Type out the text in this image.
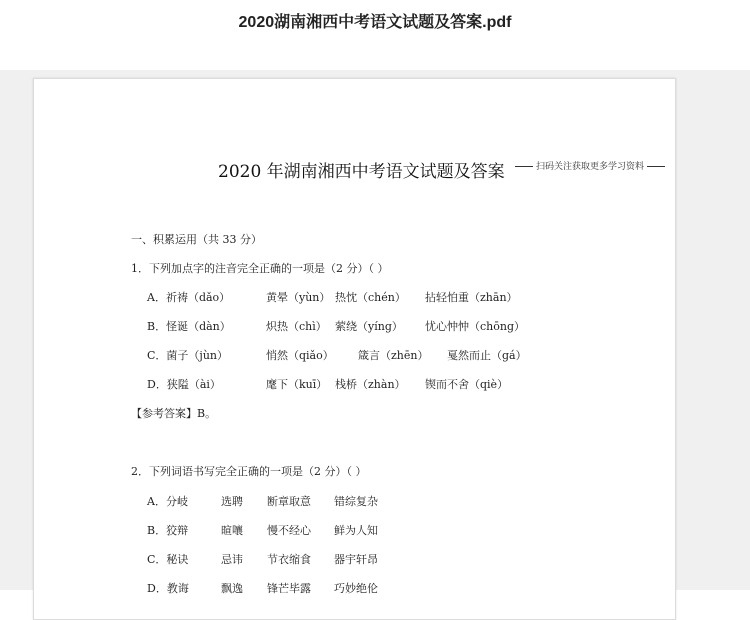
2020湖南湘西中考语文试题及答案.pdf
2020 年湖南湘西中考语文试题及答案	扫码关注获取更多学习资料
一、积累运用（共 33 分）
1．下列加点字的注音完全正确的一项是（2 分）（ ）
A．祈祷（dǎo）	黄晕（yùn） 热忱（chén） 拈轻怕重（zhān）
B．怪诞（dàn）	炽热（chì） 萦绕（yíng） 忧心忡忡（chōng）
C．菌子（jùn）	悄然（qiǎo） 箴言（zhēn） 戛然而止（gá）
D．狭隘（ài）	麾下（kuī） 栈桥（zhàn） 锲而不舍（qiè）
【参考答案】B。
2．下列词语书写完全正确的一项是（2 分）（ ）
A．分岐	选聘 断章取意 错综复杂
B．狡辩	暄嚷 慢不经心 鲜为人知
C．秘诀	忌讳 节衣缩食 器宇轩昂
D．教诲	飘逸 锋芒毕露 巧妙绝伦
